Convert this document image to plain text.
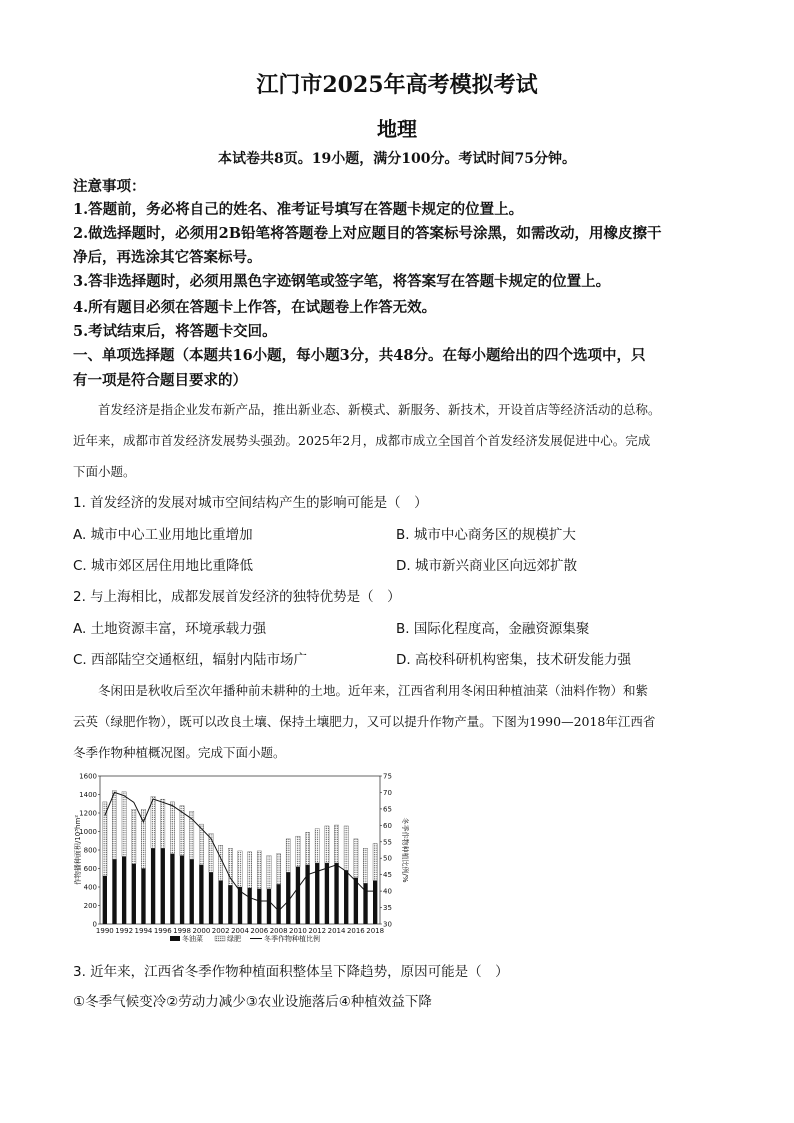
江门市2025年高考模拟考试
地理
本试卷共8页。19小题，满分100分。考试时间75分钟。
注意事项：
1.答题前，务必将自己的姓名、准考证号填写在答题卡规定的位置上。
2.做选择题时，必须用2B铅笔将答题卷上对应题目的答案标号涂黑，如需改动，用橡皮擦干
净后，再选涂其它答案标号。
3.答非选择题时，必须用黑色字迹钢笔或签字笔，将答案写在答题卡规定的位置上。
4.所有题目必须在答题卡上作答，在试题卷上作答无效。
5.考试结束后，将答题卡交回。
一、单项选择题（本题共16小题，每小题3分，共48分。在每小题给出的四个选项中，只
有一项是符合题目要求的）

首发经济是指企业发布新产品，推出新业态、新模式、新服务、新技术，开设首店等经济活动的总称。

近年来，成都市首发经济发展势头强劲。2025年2月，成都市成立全国首个首发经济发展促进中心。完成

下面小题。

1. 首发经济的发展对城市空间结构产生的影响可能是（　）
A. 城市中心工业用地比重增加	B. 城市中心商务区的规模扩大
C. 城市郊区居住用地比重降低	D. 城市新兴商业区向远郊扩散
2. 与上海相比，成都发展首发经济的独特优势是（　）
A. 土地资源丰富，环境承载力强	B. 国际化程度高，金融资源集聚
C. 西部陆空交通枢纽，辐射内陆市场广	D. 高校科研机构密集，技术研发能力强

冬闲田是秋收后至次年播种前未耕种的土地。近年来，江西省利用冬闲田种植油菜（油料作物）和紫

云英（绿肥作物），既可以改良土壤、保持土壤肥力，又可以提升作物产量。下图为1990—2018年江西省

冬季作物种植概况图。完成下面小题。

0
200
400
600
800
1000
1200
1400
1600
30
35
40
45
50
55
60
65
70
75
1990 1992 1994 1996 1998 2000 2002 2004 2006 2008 2010 2012 2014 2016 2018
作物播种面积/10³hm²	冬季作物种植比例/%
冬油菜	绿肥	冬季作物种植比例
3. 近年来，江西省冬季作物种植面积整体呈下降趋势，原因可能是（　）
①冬季气候变冷②劳动力减少③农业设施落后④种植效益下降
